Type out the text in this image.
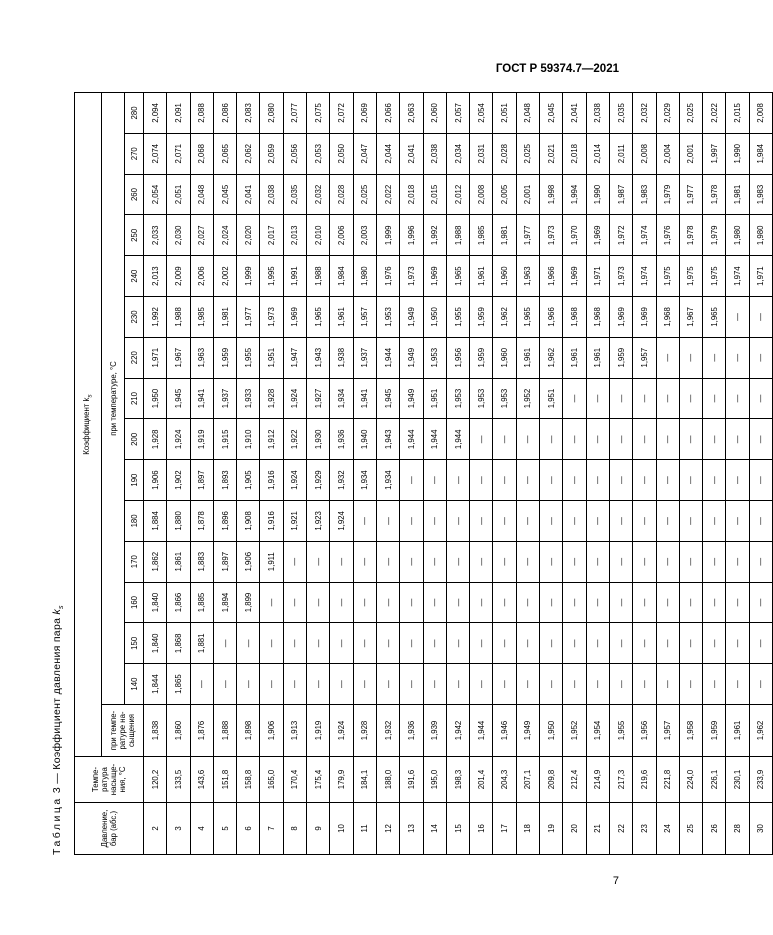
ГОСТ Р 59374.7—2021
Таблица 3 — Коэффициент давления пара $k_s$
Давление,
бар (абс.)	Темпе-
ратура
насыще-
ния, °C	Коэффициент $k_s$
		при темпе-
ратуре на-
сыщения	при температуре, °C														
			140	150	160	170	180	190	200	210	220	230	240	250	260	270	280
2	120,2	1,838	1,844	1,840	1,840	1,862	1,884	1,906	1,928	1,950	1,971	1,992	2,013	2,033	2,054	2,074	2,094
3	133,5	1,860	1,865	1,868	1,866	1,861	1,880	1,902	1,924	1,945	1,967	1,988	2,009	2,030	2,051	2,071	2,091
4	143,6	1,876	—	1,881	1,885	1,883	1,878	1,897	1,919	1,941	1,963	1,985	2,006	2,027	2,048	2,068	2,088
5	151,8	1,888	—	—	1,894	1,897	1,896	1,893	1,915	1,937	1,959	1,981	2,002	2,024	2,045	2,065	2,086
6	158,8	1,898	—	—	1,899	1,906	1,908	1,905	1,910	1,933	1,955	1,977	1,999	2,020	2,041	2,062	2,083
7	165,0	1,906	—	—	—	1,911	1,916	1,916	1,912	1,928	1,951	1,973	1,995	2,017	2,038	2,059	2,080
8	170,4	1,913	—	—	—	—	1,921	1,924	1,922	1,924	1,947	1,969	1,991	2,013	2,035	2,056	2,077
9	175,4	1,919	—	—	—	—	1,923	1,929	1,930	1,927	1,943	1,965	1,988	2,010	2,032	2,053	2,075
10	179,9	1,924	—	—	—	—	1,924	1,932	1,936	1,934	1,938	1,961	1,984	2,006	2,028	2,050	2,072
11	184,1	1,928	—	—	—	—	—	1,934	1,940	1,941	1,937	1,957	1,980	2,003	2,025	2,047	2,069
12	188,0	1,932	—	—	—	—	—	1,934	1,943	1,945	1,944	1,953	1,976	1,999	2,022	2,044	2,066
13	191,6	1,936	—	—	—	—	—	—	1,944	1,949	1,949	1,949	1,973	1,996	2,018	2,041	2,063
14	195,0	1,939	—	—	—	—	—	—	1,944	1,951	1,953	1,950	1,969	1,992	2,015	2,038	2,060
15	198,3	1,942	—	—	—	—	—	—	1,944	1,953	1,956	1,955	1,965	1,988	2,012	2,034	2,057
16	201,4	1,944	—	—	—	—	—	—	—	1,953	1,959	1,959	1,961	1,985	2,008	2,031	2,054
17	204,3	1,946	—	—	—	—	—	—	—	1,953	1,960	1,962	1,960	1,981	2,005	2,028	2,051
18	207,1	1,949	—	—	—	—	—	—	—	1,952	1,961	1,965	1,963	1,977	2,001	2,025	2,048
19	209,8	1,950	—	—	—	—	—	—	—	1,951	1,962	1,966	1,966	1,973	1,998	2,021	2,045
20	212,4	1,952	—	—	—	—	—	—	—	—	1,961	1,968	1,969	1,970	1,994	2,018	2,041
21	214,9	1,954	—	—	—	—	—	—	—	—	1,961	1,968	1,971	1,969	1,990	2,014	2,038
22	217,3	1,955	—	—	—	—	—	—	—	—	1,959	1,969	1,973	1,972	1,987	2,011	2,035
23	219,6	1,956	—	—	—	—	—	—	—	—	1,957	1,969	1,974	1,974	1,983	2,008	2,032
24	221,8	1,957	—	—	—	—	—	—	—	—	—	1,968	1,975	1,976	1,979	2,004	2,029
25	224,0	1,958	—	—	—	—	—	—	—	—	—	1,967	1,975	1,978	1,977	2,001	2,025
26	226,1	1,959	—	—	—	—	—	—	—	—	—	1,965	1,975	1,979	1,978	1,997	2,022
28	230,1	1,961	—	—	—	—	—	—	—	—	—	—	1,974	1,980	1,981	1,990	2,015
30	233,9	1,962	—	—	—	—	—	—	—	—	—	—	1,971	1,980	1,983	1,984	2,008
7
